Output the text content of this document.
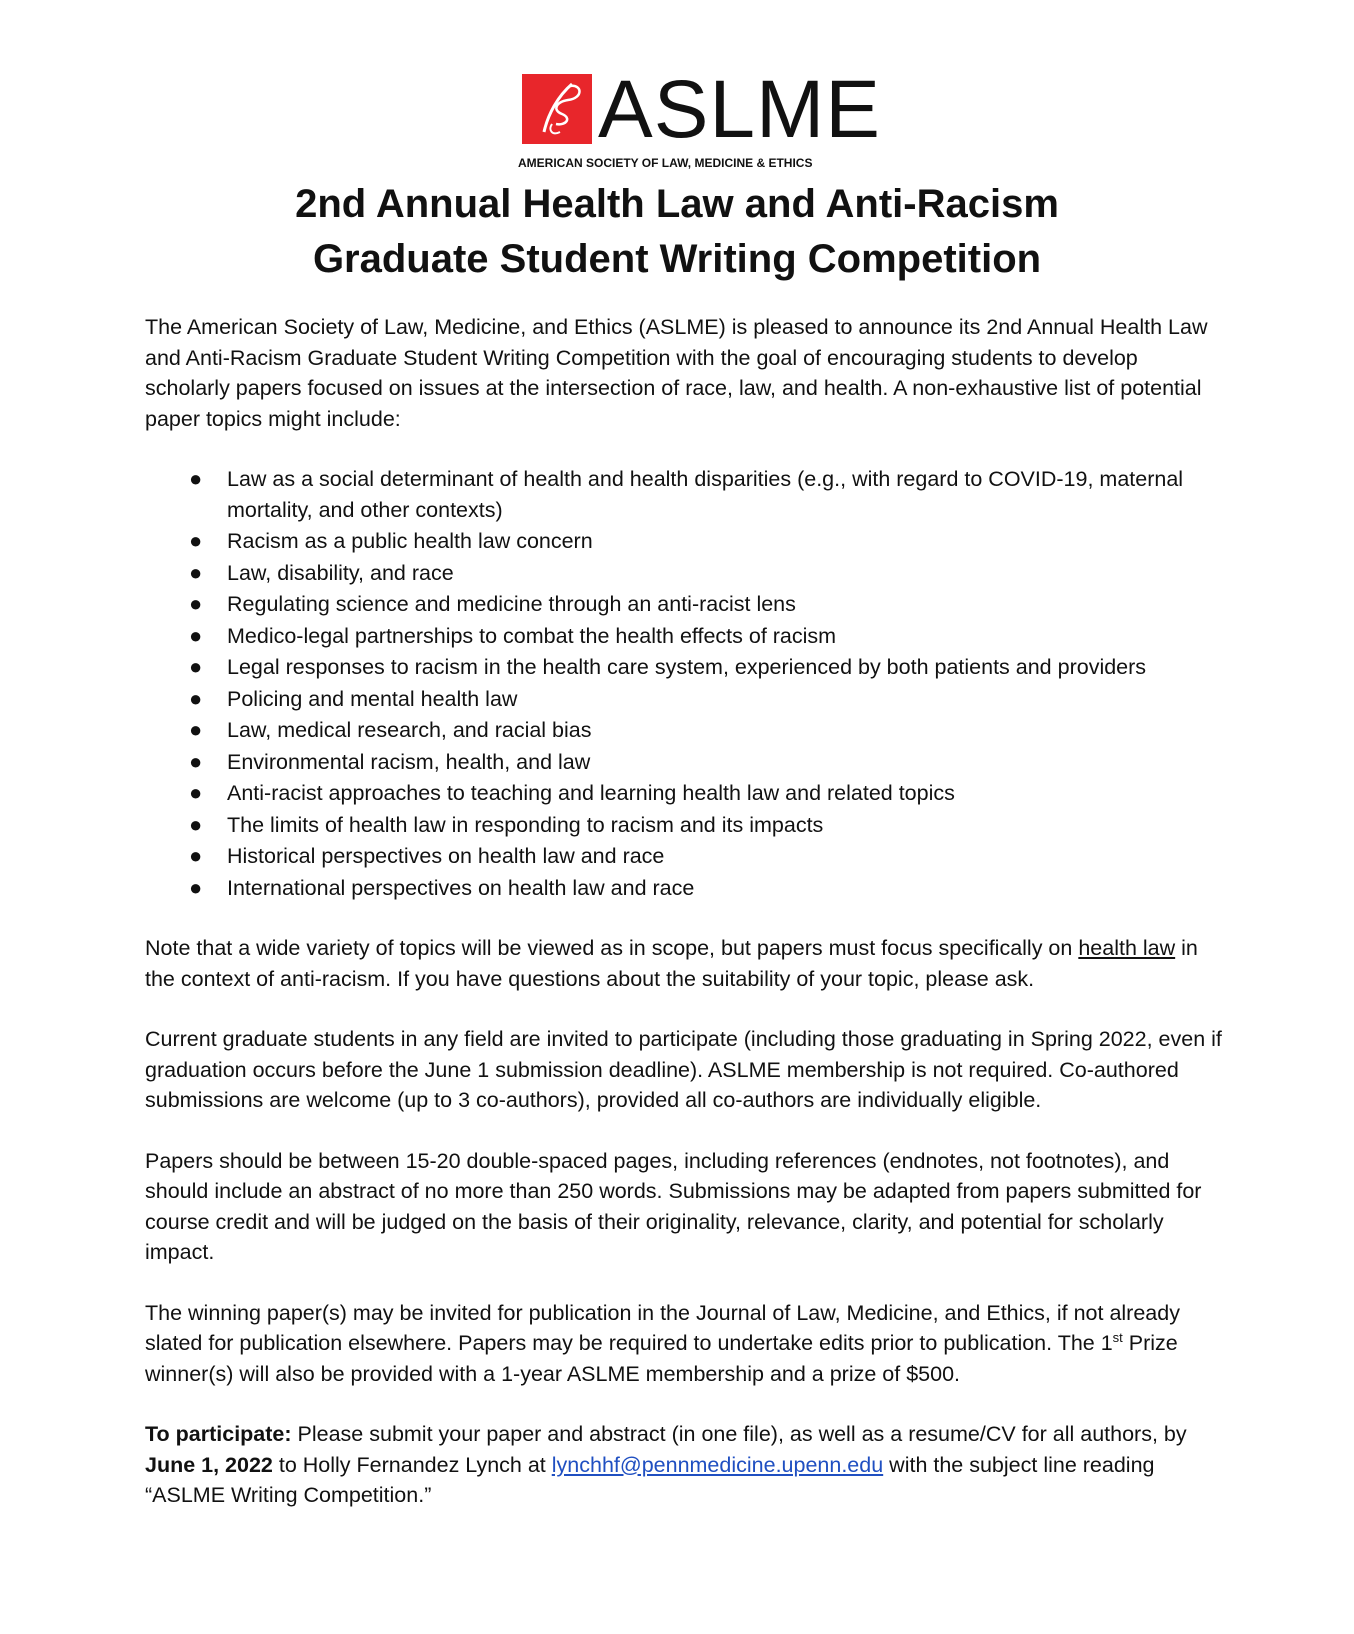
ASLME
AMERICAN SOCIETY OF LAW, MEDICINE & ETHICS
2nd Annual Health Law and Anti-Racism
Graduate Student Writing Competition

The American Society of Law, Medicine, and Ethics (ASLME) is pleased to announce its 2nd Annual Health Law and Anti-Racism Graduate Student Writing Competition with the goal of encouraging students to develop scholarly papers focused on issues at the intersection of race, law, and health. A non-exhaustive list of potential paper topics might include:

● Law as a social determinant of health and health disparities (e.g., with regard to COVID-19, maternal mortality, and other contexts)
● Racism as a public health law concern
● Law, disability, and race
● Regulating science and medicine through an anti-racist lens
● Medico-legal partnerships to combat the health effects of racism
● Legal responses to racism in the health care system, experienced by both patients and providers
● Policing and mental health law
● Law, medical research, and racial bias
● Environmental racism, health, and law
● Anti-racist approaches to teaching and learning health law and related topics
● The limits of health law in responding to racism and its impacts
● Historical perspectives on health law and race
● International perspectives on health law and race

Note that a wide variety of topics will be viewed as in scope, but papers must focus specifically on health law in the context of anti-racism. If you have questions about the suitability of your topic, please ask.

Current graduate students in any field are invited to participate (including those graduating in Spring 2022, even if graduation occurs before the June 1 submission deadline). ASLME membership is not required. Co-authored submissions are welcome (up to 3 co-authors), provided all co-authors are individually eligible.

Papers should be between 15-20 double-spaced pages, including references (endnotes, not footnotes), and should include an abstract of no more than 250 words. Submissions may be adapted from papers submitted for course credit and will be judged on the basis of their originality, relevance, clarity, and potential for scholarly impact.

The winning paper(s) may be invited for publication in the Journal of Law, Medicine, and Ethics, if not already slated for publication elsewhere. Papers may be required to undertake edits prior to publication. The 1st Prize winner(s) will also be provided with a 1-year ASLME membership and a prize of $500.

To participate: Please submit your paper and abstract (in one file), as well as a resume/CV for all authors, by June 1, 2022 to Holly Fernandez Lynch at lynchhf@pennmedicine.upenn.edu with the subject line reading “ASLME Writing Competition.”
